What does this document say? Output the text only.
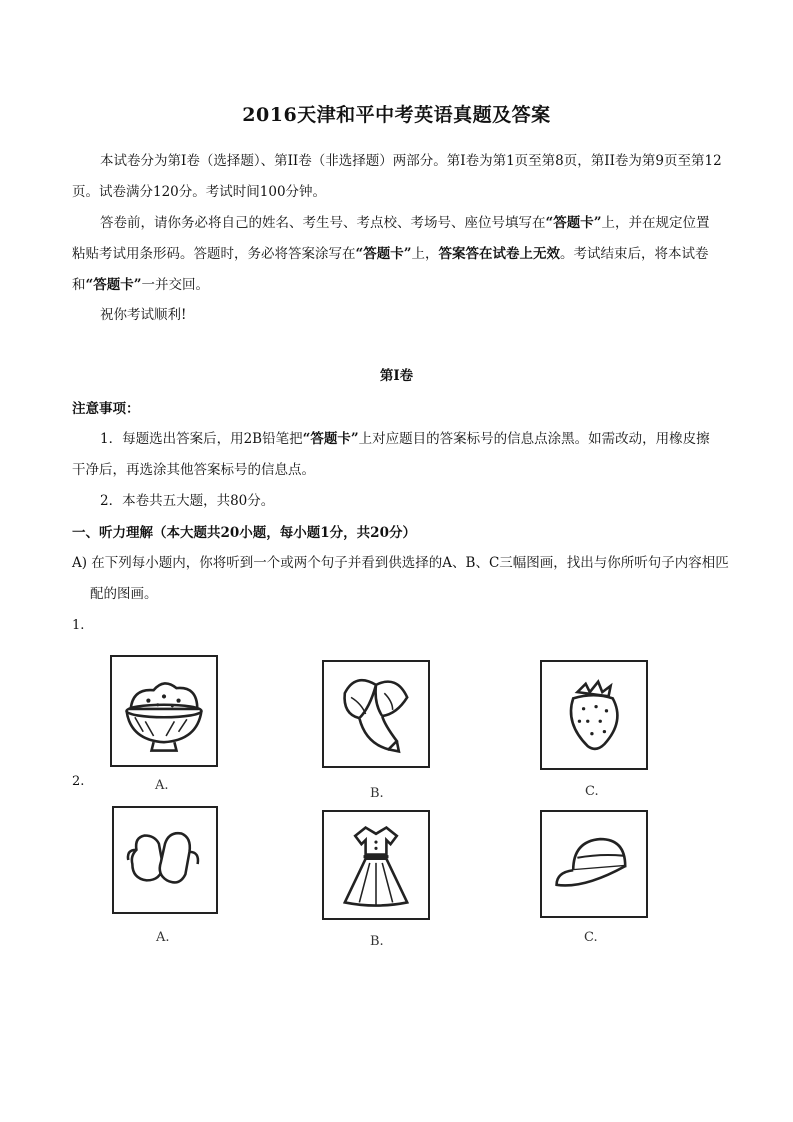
2016天津和平中考英语真题及答案
本试卷分为第Ⅰ卷（选择题）、第II卷（非选择题）两部分。第Ⅰ卷为第1页至第8页，第II卷为第9页至第12页。试卷满分120分。考试时间100分钟。
答卷前，请你务必将自己的姓名、考生号、考点校、考场号、座位号填写在“答题卡”上，并在规定位置粘贴考试用条形码。答题时，务必将答案涂写在“答题卡”上，答案答在试卷上无效。考试结束后，将本试卷和“答题卡”一并交回。
祝你考试顺利!
第Ⅰ卷
注意事项：
1．每题选出答案后，用2B铅笔把“答题卡”上对应题目的答案标号的信息点涂黑。如需改动，用橡皮擦干净后，再选涂其他答案标号的信息点。
2．本卷共五大题，共80分。
一、听力理解（本大题共20小题，每小题1分，共20分）
A) 在下列每小题内，你将听到一个或两个句子并看到供选择的A、B、C三幅图画，找出与你所听句子内容相匹配的图画。
1.
A.
B.	C.
2.
A.	B.	C.
